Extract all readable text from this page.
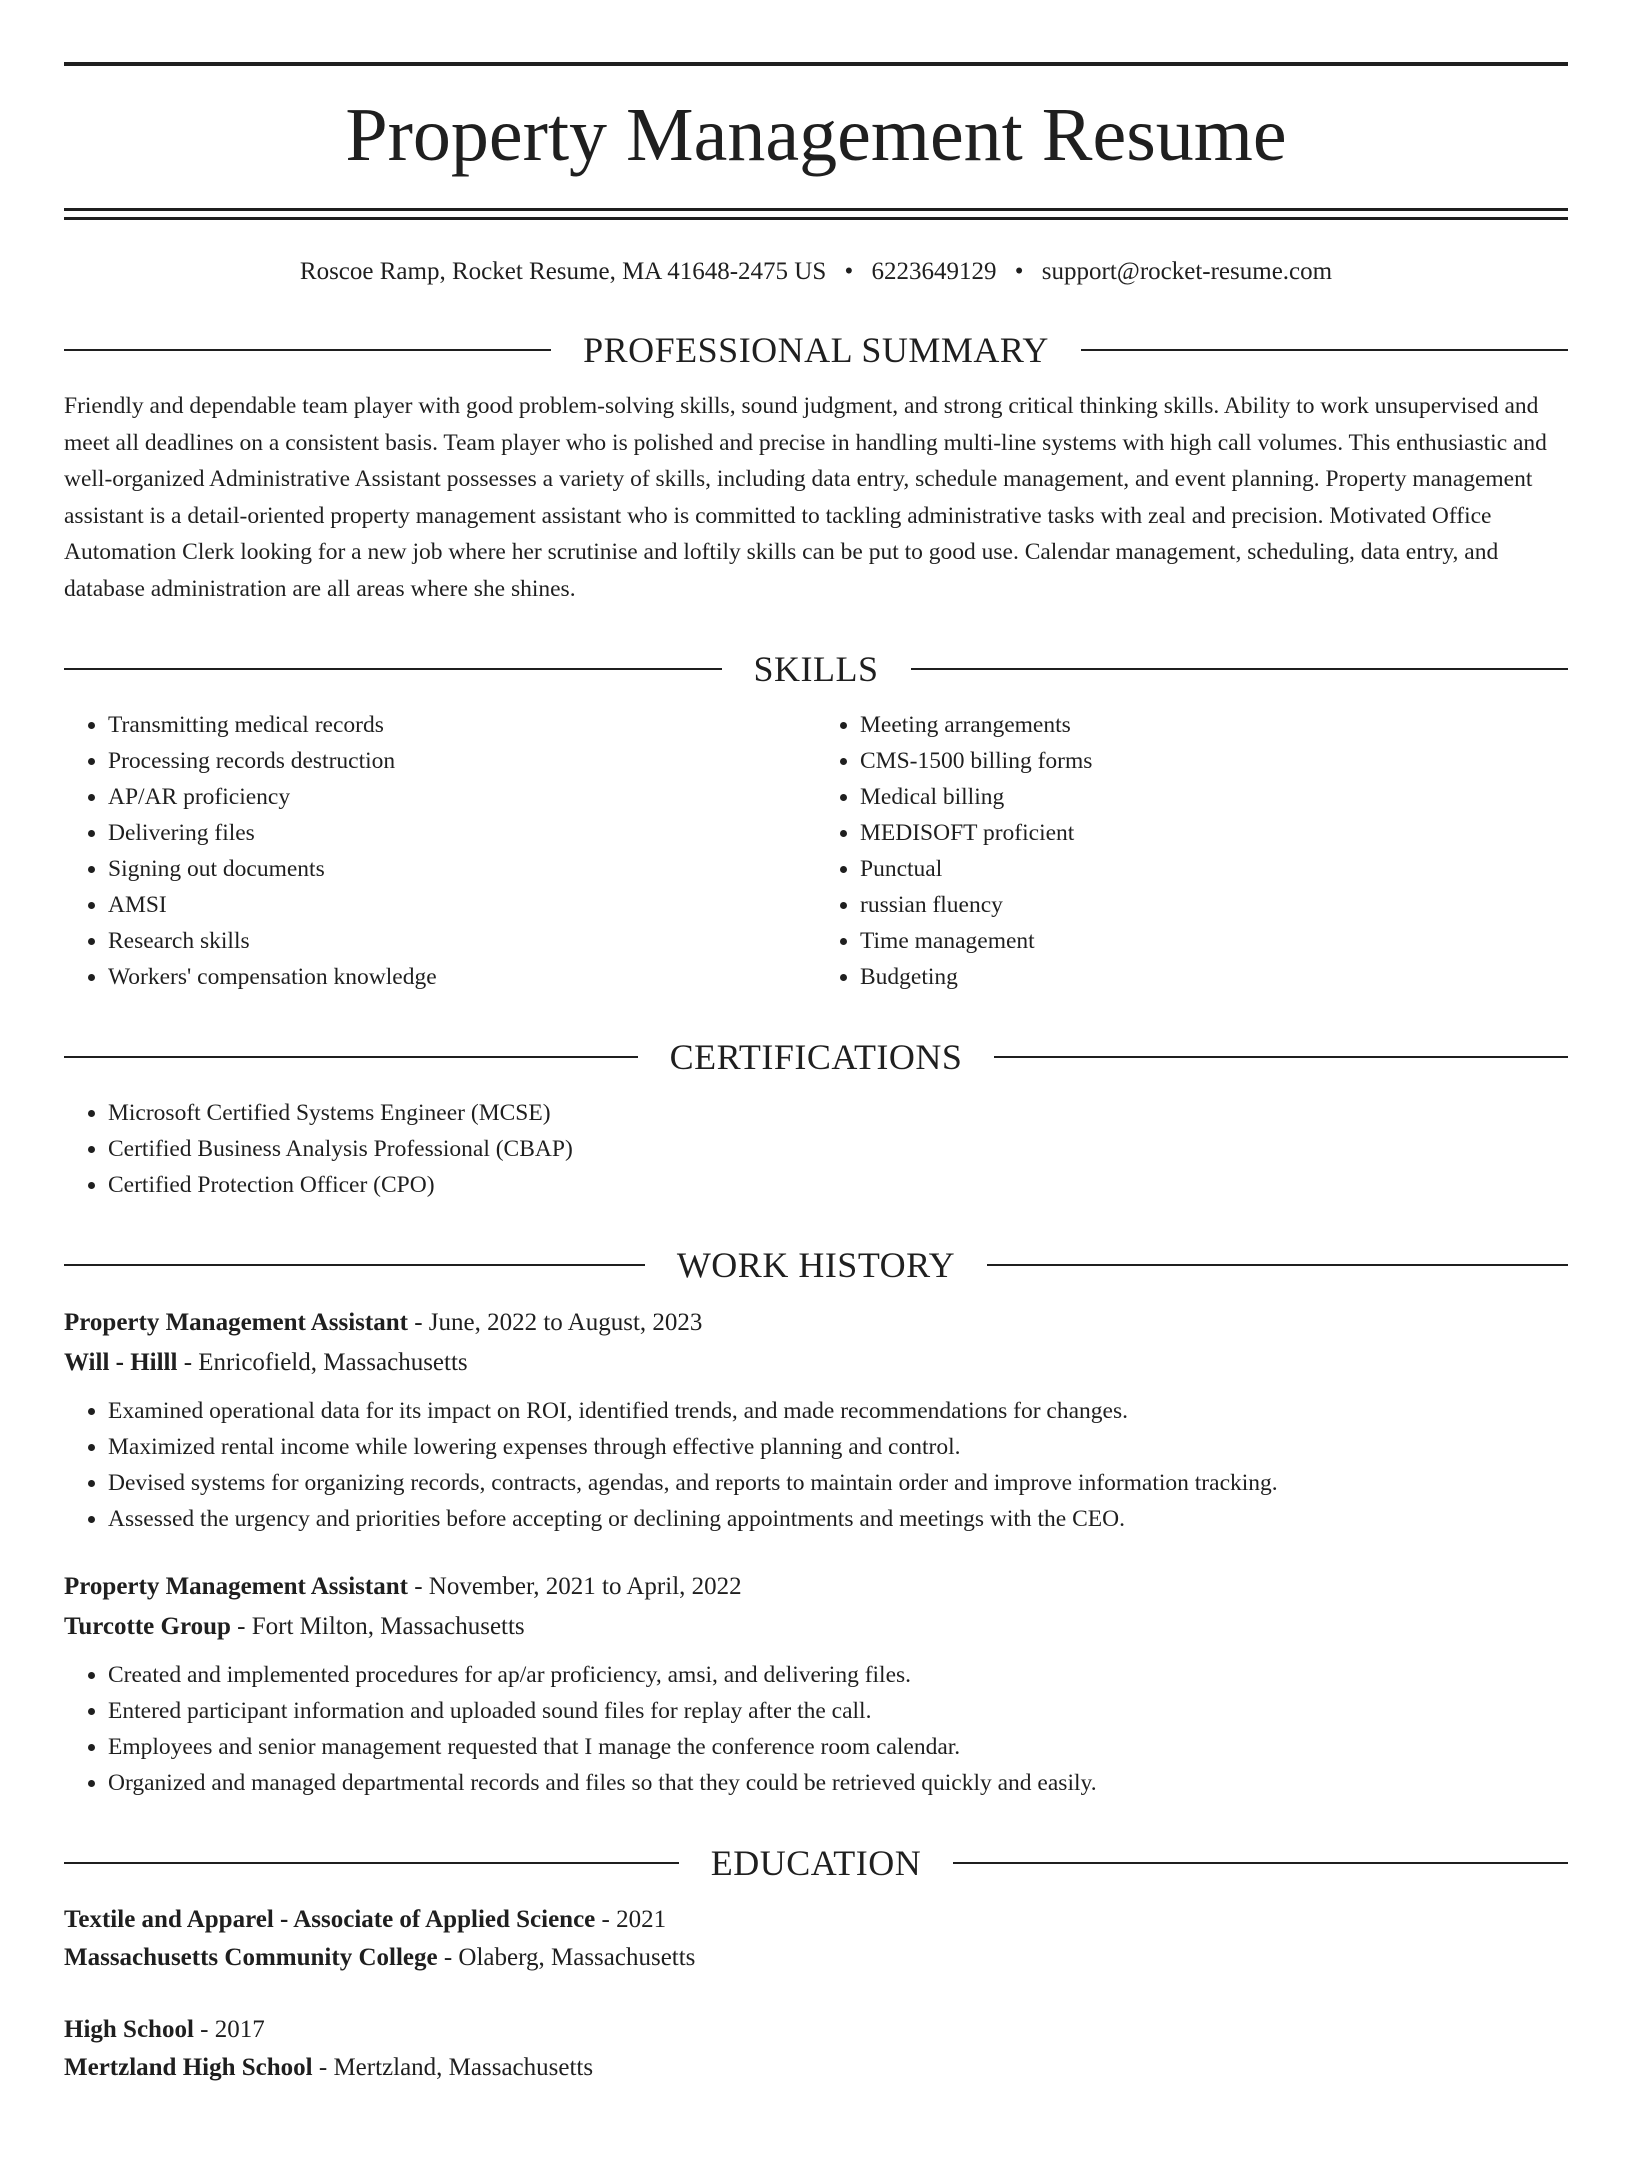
Property Management Resume
Roscoe Ramp, Rocket Resume, MA 41648-2475 US • 6223649129 • support@rocket-resume.com
PROFESSIONAL SUMMARY

Friendly and dependable team player with good problem-solving skills, sound judgment, and strong critical thinking skills. Ability to work unsupervised and meet all deadlines on a consistent basis. Team player who is polished and precise in handling multi-line systems with high call volumes. This enthusiastic and well-organized Administrative Assistant possesses a variety of skills, including data entry, schedule management, and event planning. Property management assistant is a detail-oriented property management assistant who is committed to tackling administrative tasks with zeal and precision. Motivated Office Automation Clerk looking for a new job where her scrutinise and loftily skills can be put to good use. Calendar management, scheduling, data entry, and database administration are all areas where she shines.

SKILLS
• Transmitting medical records
• Processing records destruction
• AP/AR proficiency
• Delivering files
• Signing out documents
• AMSI
• Research skills
• Workers' compensation knowledge
• Meeting arrangements
• CMS-1500 billing forms
• Medical billing
• MEDISOFT proficient
• Punctual
• russian fluency
• Time management
• Budgeting
CERTIFICATIONS
• Microsoft Certified Systems Engineer (MCSE)
• Certified Business Analysis Professional (CBAP)
• Certified Protection Officer (CPO)
WORK HISTORY
Property Management Assistant - June, 2022 to August, 2023
Will - Hilll - Enricofield, Massachusetts
• Examined operational data for its impact on ROI, identified trends, and made recommendations for changes.
• Maximized rental income while lowering expenses through effective planning and control.
• Devised systems for organizing records, contracts, agendas, and reports to maintain order and improve information tracking.
• Assessed the urgency and priorities before accepting or declining appointments and meetings with the CEO.
Property Management Assistant - November, 2021 to April, 2022
Turcotte Group - Fort Milton, Massachusetts
• Created and implemented procedures for ap/ar proficiency, amsi, and delivering files.
• Entered participant information and uploaded sound files for replay after the call.
• Employees and senior management requested that I manage the conference room calendar.
• Organized and managed departmental records and files so that they could be retrieved quickly and easily.
EDUCATION
Textile and Apparel - Associate of Applied Science - 2021
Massachusetts Community College - Olaberg, Massachusetts
High School - 2017
Mertzland High School - Mertzland, Massachusetts
